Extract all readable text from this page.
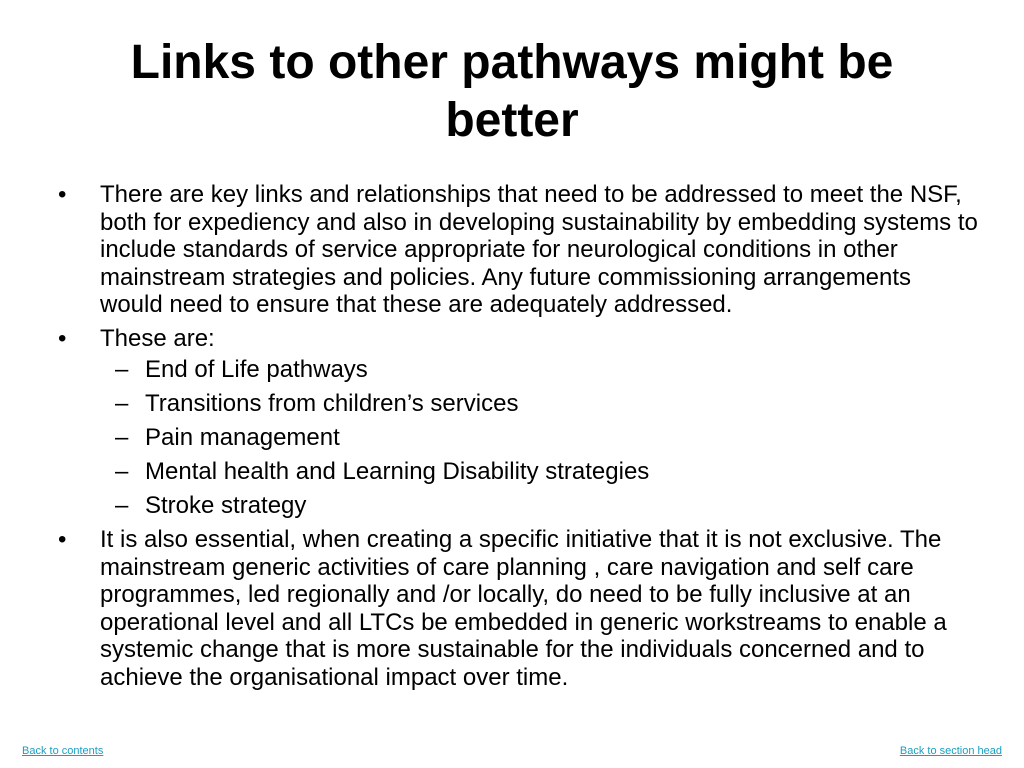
Links to other pathways might be better
•	There are key links and relationships that need to be addressed to meet the NSF, both for expediency and also in developing sustainability by embedding systems to include standards of service appropriate for neurological conditions in other mainstream strategies and policies. Any future commissioning arrangements would need to ensure that these are adequately addressed.
•	These are:
– End of Life pathways
– Transitions from children’s services
– Pain management
– Mental health and Learning Disability strategies
– Stroke strategy
•	It is also essential, when creating a specific initiative that it is not exclusive. The mainstream generic activities of care planning , care navigation and self care programmes, led regionally and /or locally, do need to be fully inclusive at an operational level and all LTCs be embedded in generic workstreams to enable a systemic change that is more sustainable for the individuals concerned and to achieve the organisational impact over time.
Back to contents	Back to section head
